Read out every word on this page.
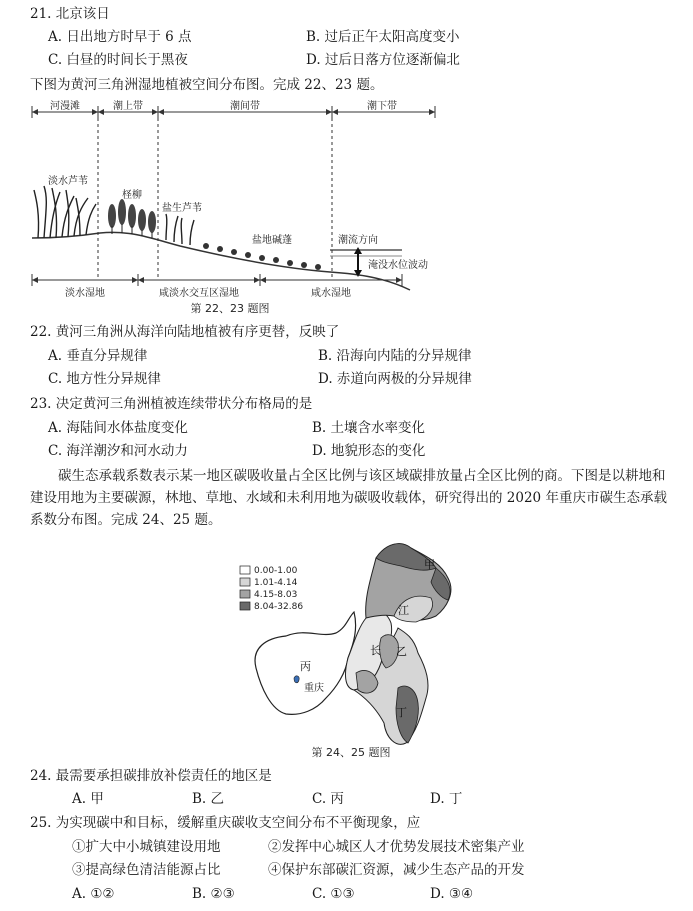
21. 北京该日
A. 日出地方时早于 6 点	B. 过后正午太阳高度变小
C. 白昼的时间长于黑夜	D. 过后日落方位逐渐偏北
下图为黄河三角洲湿地植被空间分布图。完成 22、23 题。
河漫滩	潮上带	潮间带	潮下带
淡水芦苇
柽柳
盐生芦苇
盐地碱蓬	潮流方向
淹没水位波动
淡水湿地	咸淡水交互区湿地	咸水湿地
第 22、23 题图
22. 黄河三角洲从海洋向陆地植被有序更替，反映了
A. 垂直分异规律	B. 沿海向内陆的分异规律
C. 地方性分异规律	D. 赤道向两极的分异规律
23. 决定黄河三角洲植被连续带状分布格局的是
A. 海陆间水体盐度变化	B. 土壤含水率变化
C. 海洋潮汐和河水动力	D. 地貌形态的变化
碳生态承载系数表示某一地区碳吸收量占全区比例与该区域碳排放量占全区比例的商。下图是以耕地和建设用地为主要碳源，林地、草地、水域和未利用地为碳吸收载体，研究得出的 2020 年重庆市碳生态承载系数分布图。完成 24、25 题。
0.00-1.00
1.01-4.14
4.15-8.03
8.04-32.86
甲
江
长 乙
丙
重庆
丁
第 24、25 题图
24. 最需要承担碳排放补偿责任的地区是
A. 甲	B. 乙	C. 丙	D. 丁
25. 为实现碳中和目标，缓解重庆碳收支空间分布不平衡现象，应
①扩大中小城镇建设用地	②发挥中心城区人才优势发展技术密集产业
③提高绿色清洁能源占比	④保护东部碳汇资源，减少生态产品的开发
A. ①②	B. ②③	C. ①③	D. ③④
